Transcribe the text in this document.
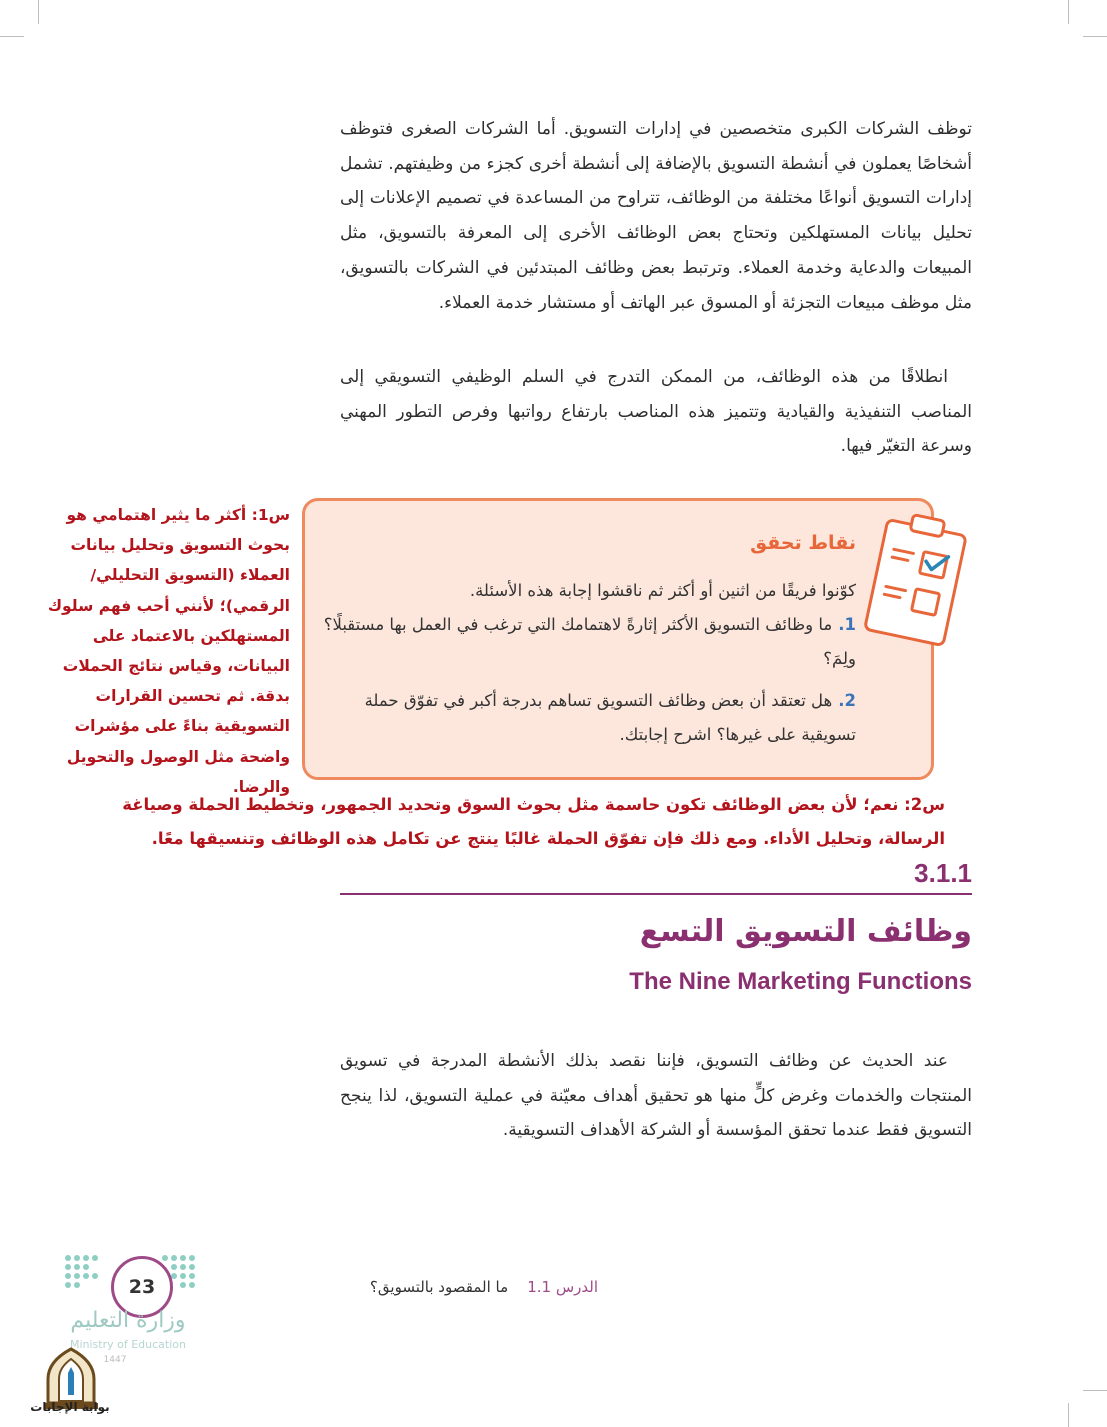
توظف الشركات الكبرى متخصصين في إدارات التسويق. أما الشركات الصغرى فتوظف أشخاصًا يعملون في أنشطة التسويق بالإضافة إلى أنشطة أخرى كجزء من وظيفتهم. تشمل إدارات التسويق أنواعًا مختلفة من الوظائف، تتراوح من المساعدة في تصميم الإعلانات إلى تحليل بيانات المستهلكين وتحتاج بعض الوظائف الأخرى إلى المعرفة بالتسويق، مثل المبيعات والدعاية وخدمة العملاء. وترتبط بعض وظائف المبتدئين في الشركات بالتسويق، مثل موظف مبيعات التجزئة أو المسوق عبر الهاتف أو مستشار خدمة العملاء.

انطلاقًا من هذه الوظائف، من الممكن التدرج في السلم الوظيفي التسويقي إلى المناصب التنفيذية والقيادية وتتميز هذه المناصب بارتفاع رواتبها وفرص التطور المهني وسرعة التغيّر فيها.

نقاط تحقق
كوّنوا فريقًا من اثنين أو أكثر ثم ناقشوا إجابة هذه الأسئلة.
1.ما وظائف التسويق الأكثر إثارةً لاهتمامك التي ترغب في العمل بها مستقبلًا؟ ولِمَ؟
2.هل تعتقد أن بعض وظائف التسويق تساهم بدرجة أكبر في تفوّق حملة تسويقية على غيرها؟ اشرح إجابتك.
س1: أكثر ما يثير اهتمامي هو بحوث التسويق وتحليل بيانات العملاء (التسويق التحليلي/الرقمي)؛ لأنني أحب فهم سلوك المستهلكين بالاعتماد على البيانات، وقياس نتائج الحملات بدقة. ثم تحسين القرارات التسويقية بناءً على مؤشرات واضحة مثل الوصول والتحويل والرضا.
س2: نعم؛ لأن بعض الوظائف تكون حاسمة مثل بحوث السوق وتحديد الجمهور، وتخطيط الحملة وصياغة الرسالة، وتحليل الأداء. ومع ذلك فإن تفوّق الحملة غالبًا ينتج عن تكامل هذه الوظائف وتنسيقها معًا.
3.1.1
وظائف التسويق التسع
The Nine Marketing Functions

عند الحديث عن وظائف التسويق، فإننا نقصد بذلك الأنشطة المدرجة في تسويق المنتجات والخدمات وغرض كلٍّ منها هو تحقيق أهداف معيّنة في عملية التسويق، لذا ينجح التسويق فقط عندما تحقق المؤسسة أو الشركة الأهداف التسويقية.

الدرس 1.1    ما المقصود بالتسويق؟
23
وزارة التعليم
Ministry of Education
1447
بوابة الإجابات
